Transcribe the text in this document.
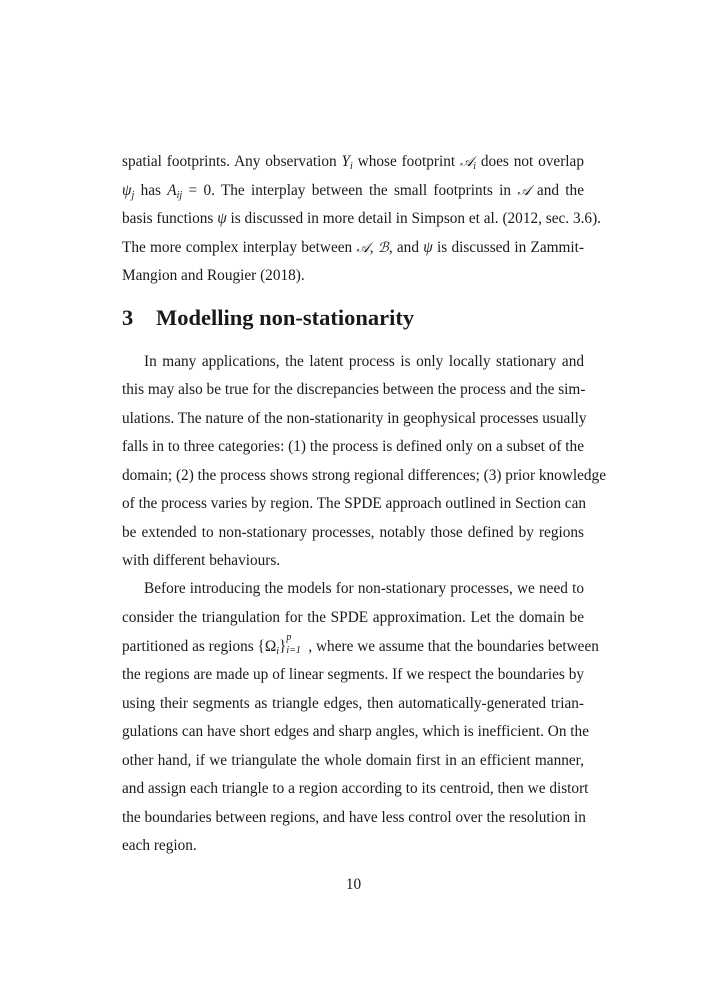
spatial footprints. Any observation $Y_i$ whose footprint 𝒜$_i$ does not overlap
$\psi_j$ has $A_{ij} = 0$. The interplay between the small footprints in 𝒜 and the
basis functions ψ is discussed in more detail in Simpson et al. (2012, sec. 3.6).
The more complex interplay between 𝒜, ℬ, and ψ is discussed in Zammit-
Mangion and Rougier (2018).
3 Modelling non-stationarity
In many applications, the latent process is only locally stationary and
this may also be true for the discrepancies between the process and the sim-
ulations. The nature of the non-stationarity in geophysical processes usually
falls in to three categories: (1) the process is defined only on a subset of the
domain; (2) the process shows strong regional differences; (3) prior knowledge
of the process varies by region. The SPDE approach outlined in Section can
be extended to non-stationary processes, notably those defined by regions
with different behaviours.
Before introducing the models for non-stationary processes, we need to
consider the triangulation for the SPDE approximation. Let the domain be
partitioned as regions $\{\Omega_i\}$
p
i=1 , where we assume that the boundaries between
the regions are made up of linear segments. If we respect the boundaries by
using their segments as triangle edges, then automatically-generated trian-
gulations can have short edges and sharp angles, which is inefficient. On the
other hand, if we triangulate the whole domain first in an efficient manner,
and assign each triangle to a region according to its centroid, then we distort
the boundaries between regions, and have less control over the resolution in
each region.
10
